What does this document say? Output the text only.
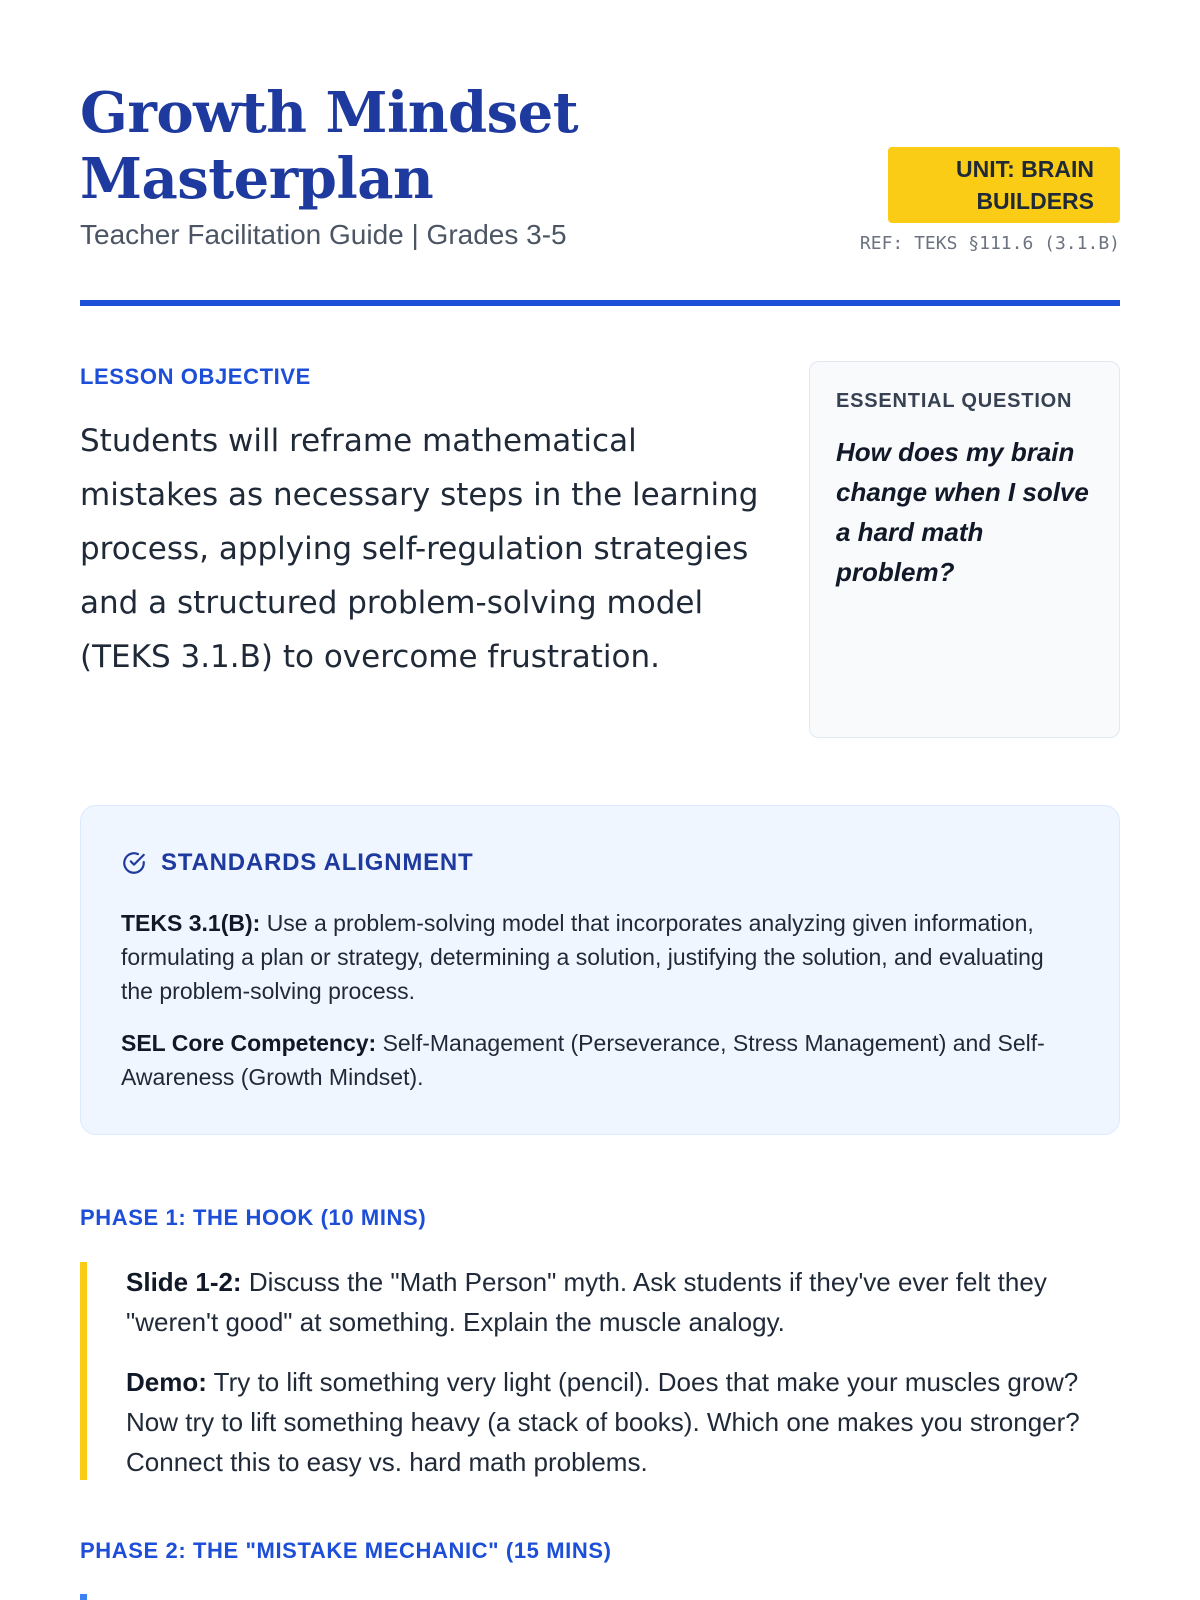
Growth Mindset Masterplan
Teacher Facilitation Guide | Grades 3-5
UNIT: BRAIN BUILDERS
REF: TEKS §111.6 (3.1.B)
LESSON OBJECTIVE

Students will reframe mathematical mistakes as necessary steps in the learning process, applying self-regulation strategies and a structured problem-solving model (TEKS 3.1.B) to overcome frustration.

ESSENTIAL QUESTION
How does my brain change when I solve a hard math problem?
STANDARDS ALIGNMENT

TEKS 3.1(B): Use a problem-solving model that incorporates analyzing given information, formulating a plan or strategy, determining a solution, justifying the solution, and evaluating the problem-solving process.

SEL Core Competency: Self-Management (Perseverance, Stress Management) and Self-Awareness (Growth Mindset).

PHASE 1: THE HOOK (10 MINS)

Slide 1-2: Discuss the "Math Person" myth. Ask students if they've ever felt they "weren't good" at something. Explain the muscle analogy.

Demo: Try to lift something very light (pencil). Does that make your muscles grow? Now try to lift something heavy (a stack of books). Which one makes you stronger? Connect this to easy vs. hard math problems.

PHASE 2: THE "MISTAKE MECHANIC" (15 MINS)
